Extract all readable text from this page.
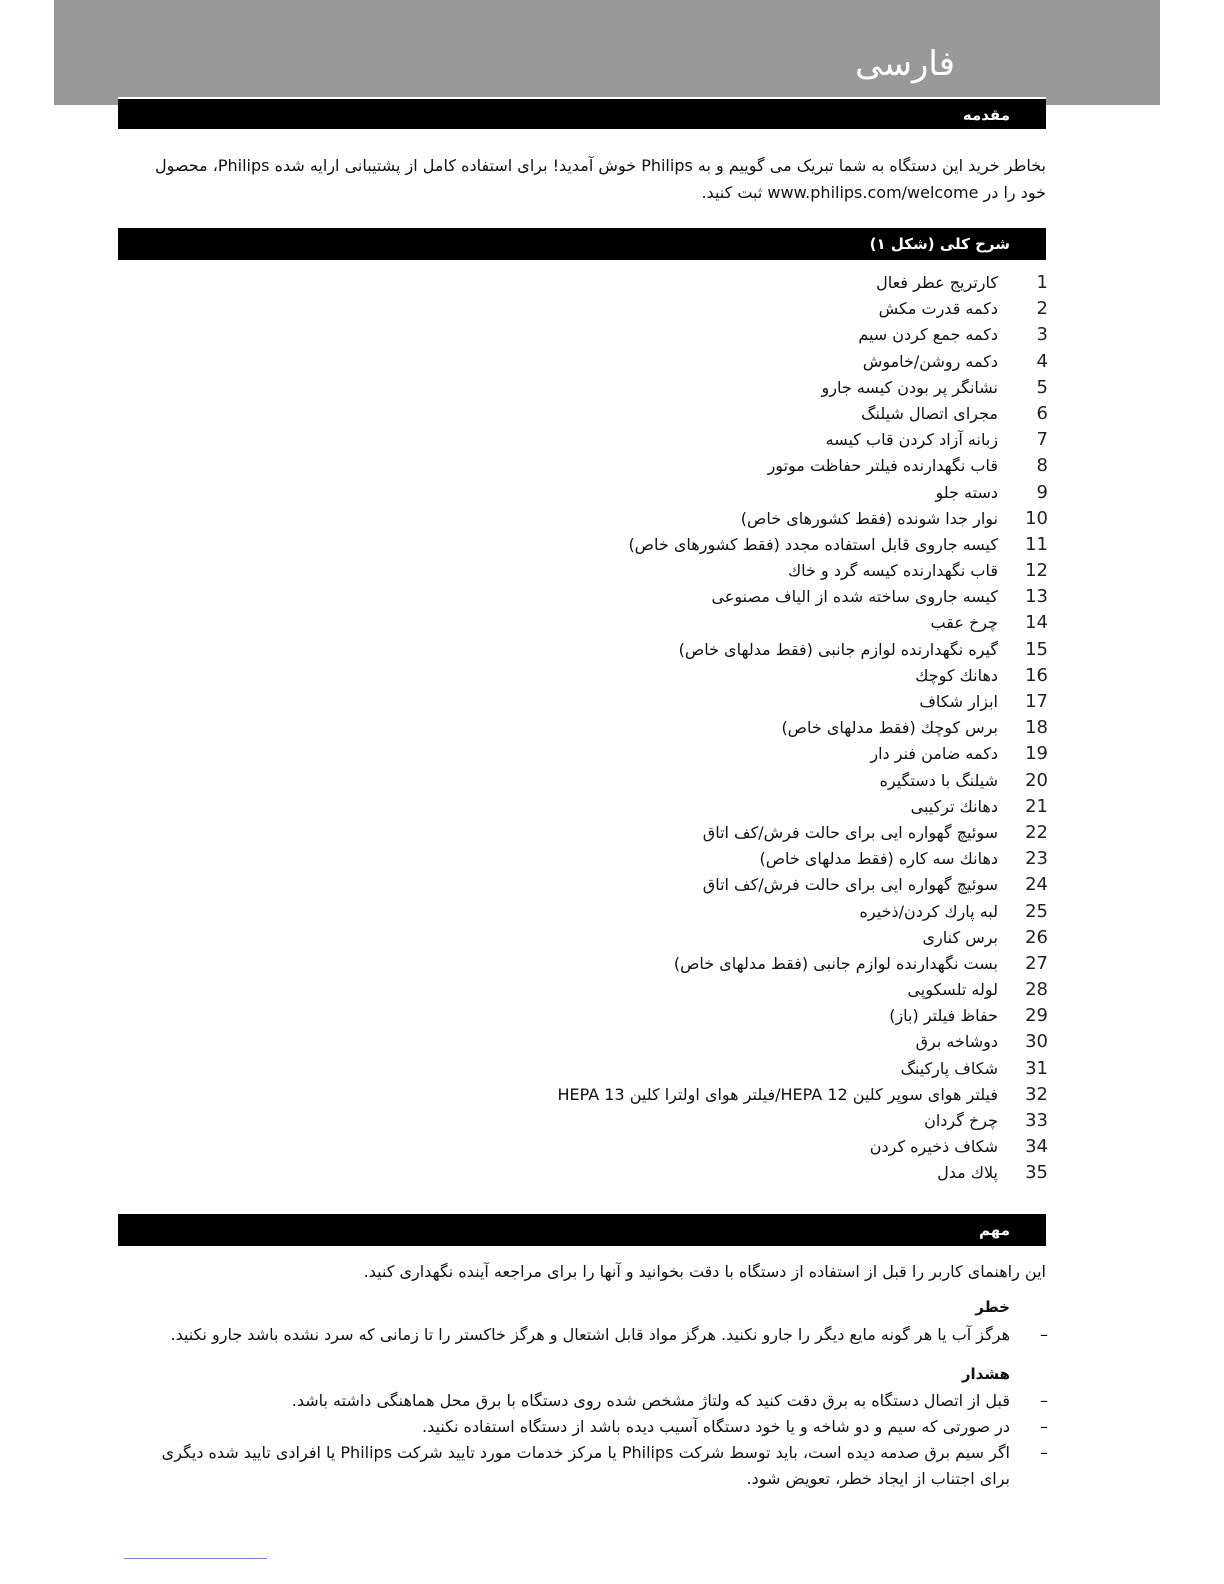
فارسی
مقدمه
بخاطر خرید این دستگاه به شما تبریک می گوییم و به Philips خوش آمدید! برای استفاده کامل از پشتیبانی ارایه شده Philips، محصول خود را در www.philips.com/welcome ثبت کنید.
شرح کلی (شکل ۱)
1
کارتریج عطر فعال
2
دکمه قدرت مکش
3
دکمه جمع کردن سیم
4
دکمه روشن/خاموش
5
نشانگر پر بودن کیسه جارو
6
مجرای اتصال شیلنگ
7
زبانه آزاد کردن قاب کیسه
8
قاب نگهدارنده فیلتر حفاظت موتور
9
دسته جلو
10
نوار جدا شونده (فقط کشورهای خاص)
11
کیسه جاروی قابل استفاده مجدد (فقط کشورهای خاص)
12
قاب نگهدارنده کیسه گرد و خاك
13
کیسه جاروی ساخته شده از الیاف مصنوعی
14
چرخ عقب
15
گیره نگهدارنده لوازم جانبی (فقط مدلهای خاص)
16
دهانك کوچك
17
ابزار شکاف
18
برس کوچك (فقط مدلهای خاص)
19
دکمه ضامن فنر دار
20
شیلنگ با دستگیره
21
دهانك ترکیبی
22
سوئیچ گهواره ایی برای حالت فرش/کف اتاق
23
دهانك سه کاره (فقط مدلهای خاص)
24
سوئیچ گهواره ایی برای حالت فرش/کف اتاق
25
لبه پارك کردن/ذخیره
26
برس کناری
27
بست نگهدارنده لوازم جانبی (فقط مدلهای خاص)
28
لوله تلسکوپی
29
حفاظ فیلتر (باز)
30
دوشاخه برق
31
شکاف پارکینگ
32
فیلتر هوای سوپر کلین HEPA 12/فیلتر هوای اولترا کلین HEPA 13
33
چرخ گردان
34
شکاف ذخیره کردن
35
پلاك مدل
مهم
این راهنمای کاربر را قبل از استفاده از دستگاه با دقت بخوانید و آنها را برای مراجعه آینده نگهداری کنید.
خطر
–
هرگز آب یا هر گونه مایع دیگر را جارو نکنید. هرگز مواد قابل اشتعال و هرگز خاکستر را تا زمانی که سرد نشده باشد جارو نکنید.
هشدار
–
قبل از اتصال دستگاه به برق دقت کنید که ولتاژ مشخص شده روی دستگاه با برق محل هماهنگی داشته باشد.
–
در صورتی که سیم و دو شاخه و یا خود دستگاه آسیب دیده باشد از دستگاه استفاده نکنید.
–
اگر سیم برق صدمه دیده است، باید توسط شرکت Philips یا مرکز خدمات مورد تایید شرکت Philips یا افرادی تایید شده دیگری برای اجتناب از ایجاد خطر، تعویض شود.
